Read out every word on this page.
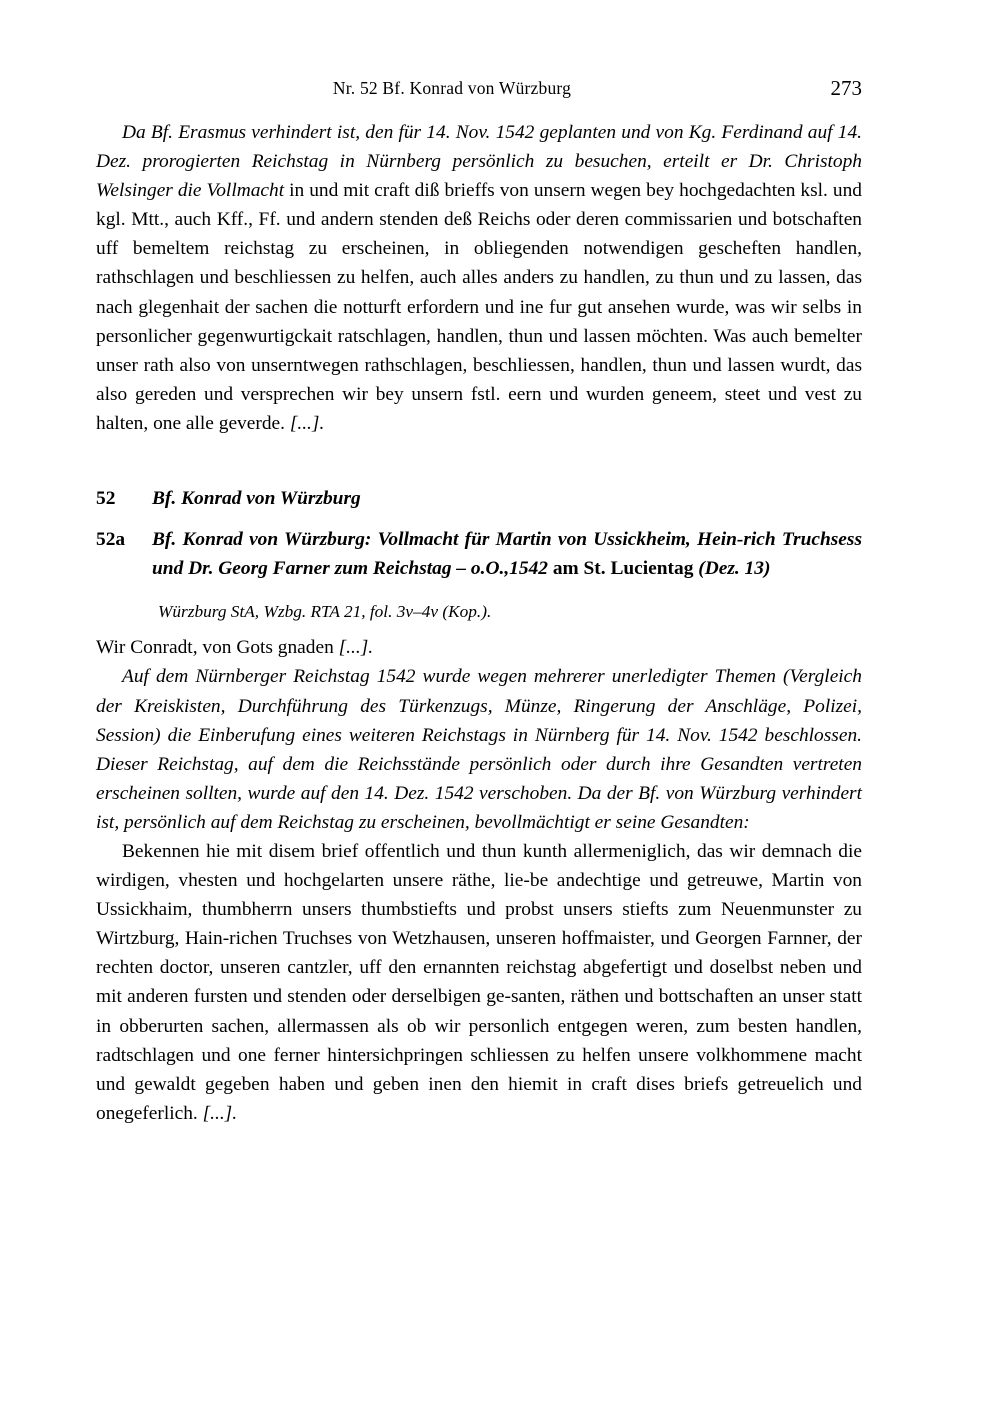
Nr. 52 Bf. Konrad von Würzburg	273

Da Bf. Erasmus verhindert ist, den für 14. Nov. 1542 geplanten und von Kg. Ferdinand auf 14. Dez. prorogierten Reichstag in Nürnberg persönlich zu besuchen, erteilt er Dr. Christoph Welsinger die Vollmacht in und mit craft diß brieffs von unsern wegen bey hochgedachten ksl. und kgl. Mtt., auch Kff., Ff. und andern stenden deß Reichs oder deren commissarien und botschaften uff bemeltem reichstag zu erscheinen, in obliegenden notwendigen gescheften handlen, rathschlagen und beschliessen zu helfen, auch alles anders zu handlen, zu thun und zu lassen, das nach glegenhait der sachen die notturft erfordern und ine fur gut ansehen wurde, was wir selbs in personlicher gegenwurtigckait ratschlagen, handlen, thun und lassen möchten. Was auch bemelter unser rath also von unserntwegen rathschlagen, beschliessen, handlen, thun und lassen wurdt, das also gereden und versprechen wir bey unsern fstl. eern und wurden geneem, steet und vest zu halten, one alle geverde. [...].

52	Bf. Konrad von Würzburg
52a	Bf. Konrad von Würzburg: Vollmacht für Martin von Ussickheim, Hein-rich Truchsess und Dr. Georg Farner zum Reichstag – o.O.,1542 am St. Lucientag (Dez. 13)
Würzburg StA, Wzbg. RTA 21, fol. 3v–4v (Kop.).

Wir Conradt, von Gots gnaden [...].

Auf dem Nürnberger Reichstag 1542 wurde wegen mehrerer unerledigter Themen (Vergleich der Kreiskisten, Durchführung des Türkenzugs, Münze, Ringerung der Anschläge, Polizei, Session) die Einberufung eines weiteren Reichstags in Nürnberg für 14. Nov. 1542 beschlossen. Dieser Reichstag, auf dem die Reichsstände persönlich oder durch ihre Gesandten vertreten erscheinen sollten, wurde auf den 14. Dez. 1542 verschoben. Da der Bf. von Würzburg verhindert ist, persönlich auf dem Reichstag zu erscheinen, bevollmächtigt er seine Gesandten:

Bekennen hie mit disem brief offentlich und thun kunth allermeniglich, das wir demnach die wirdigen, vhesten und hochgelarten unsere räthe, lie-be andechtige und getreuwe, Martin von Ussickhaim, thumbherrn unsers thumbstiefts und probst unsers stiefts zum Neuenmunster zu Wirtzburg, Hain-richen Truchses von Wetzhausen, unseren hoffmaister, und Georgen Farnner, der rechten doctor, unseren cantzler, uff den ernannten reichstag abgefertigt und doselbst neben und mit anderen fursten und stenden oder derselbigen ge-santen, räthen und bottschaften an unser statt in obberurten sachen, allermassen als ob wir personlich entgegen weren, zum besten handlen, radtschlagen und one ferner hintersichpringen schliessen zu helfen unsere volkhommene macht und gewaldt gegeben haben und geben inen den hiemit in craft dises briefs getreuelich und onegeferlich. [...].
